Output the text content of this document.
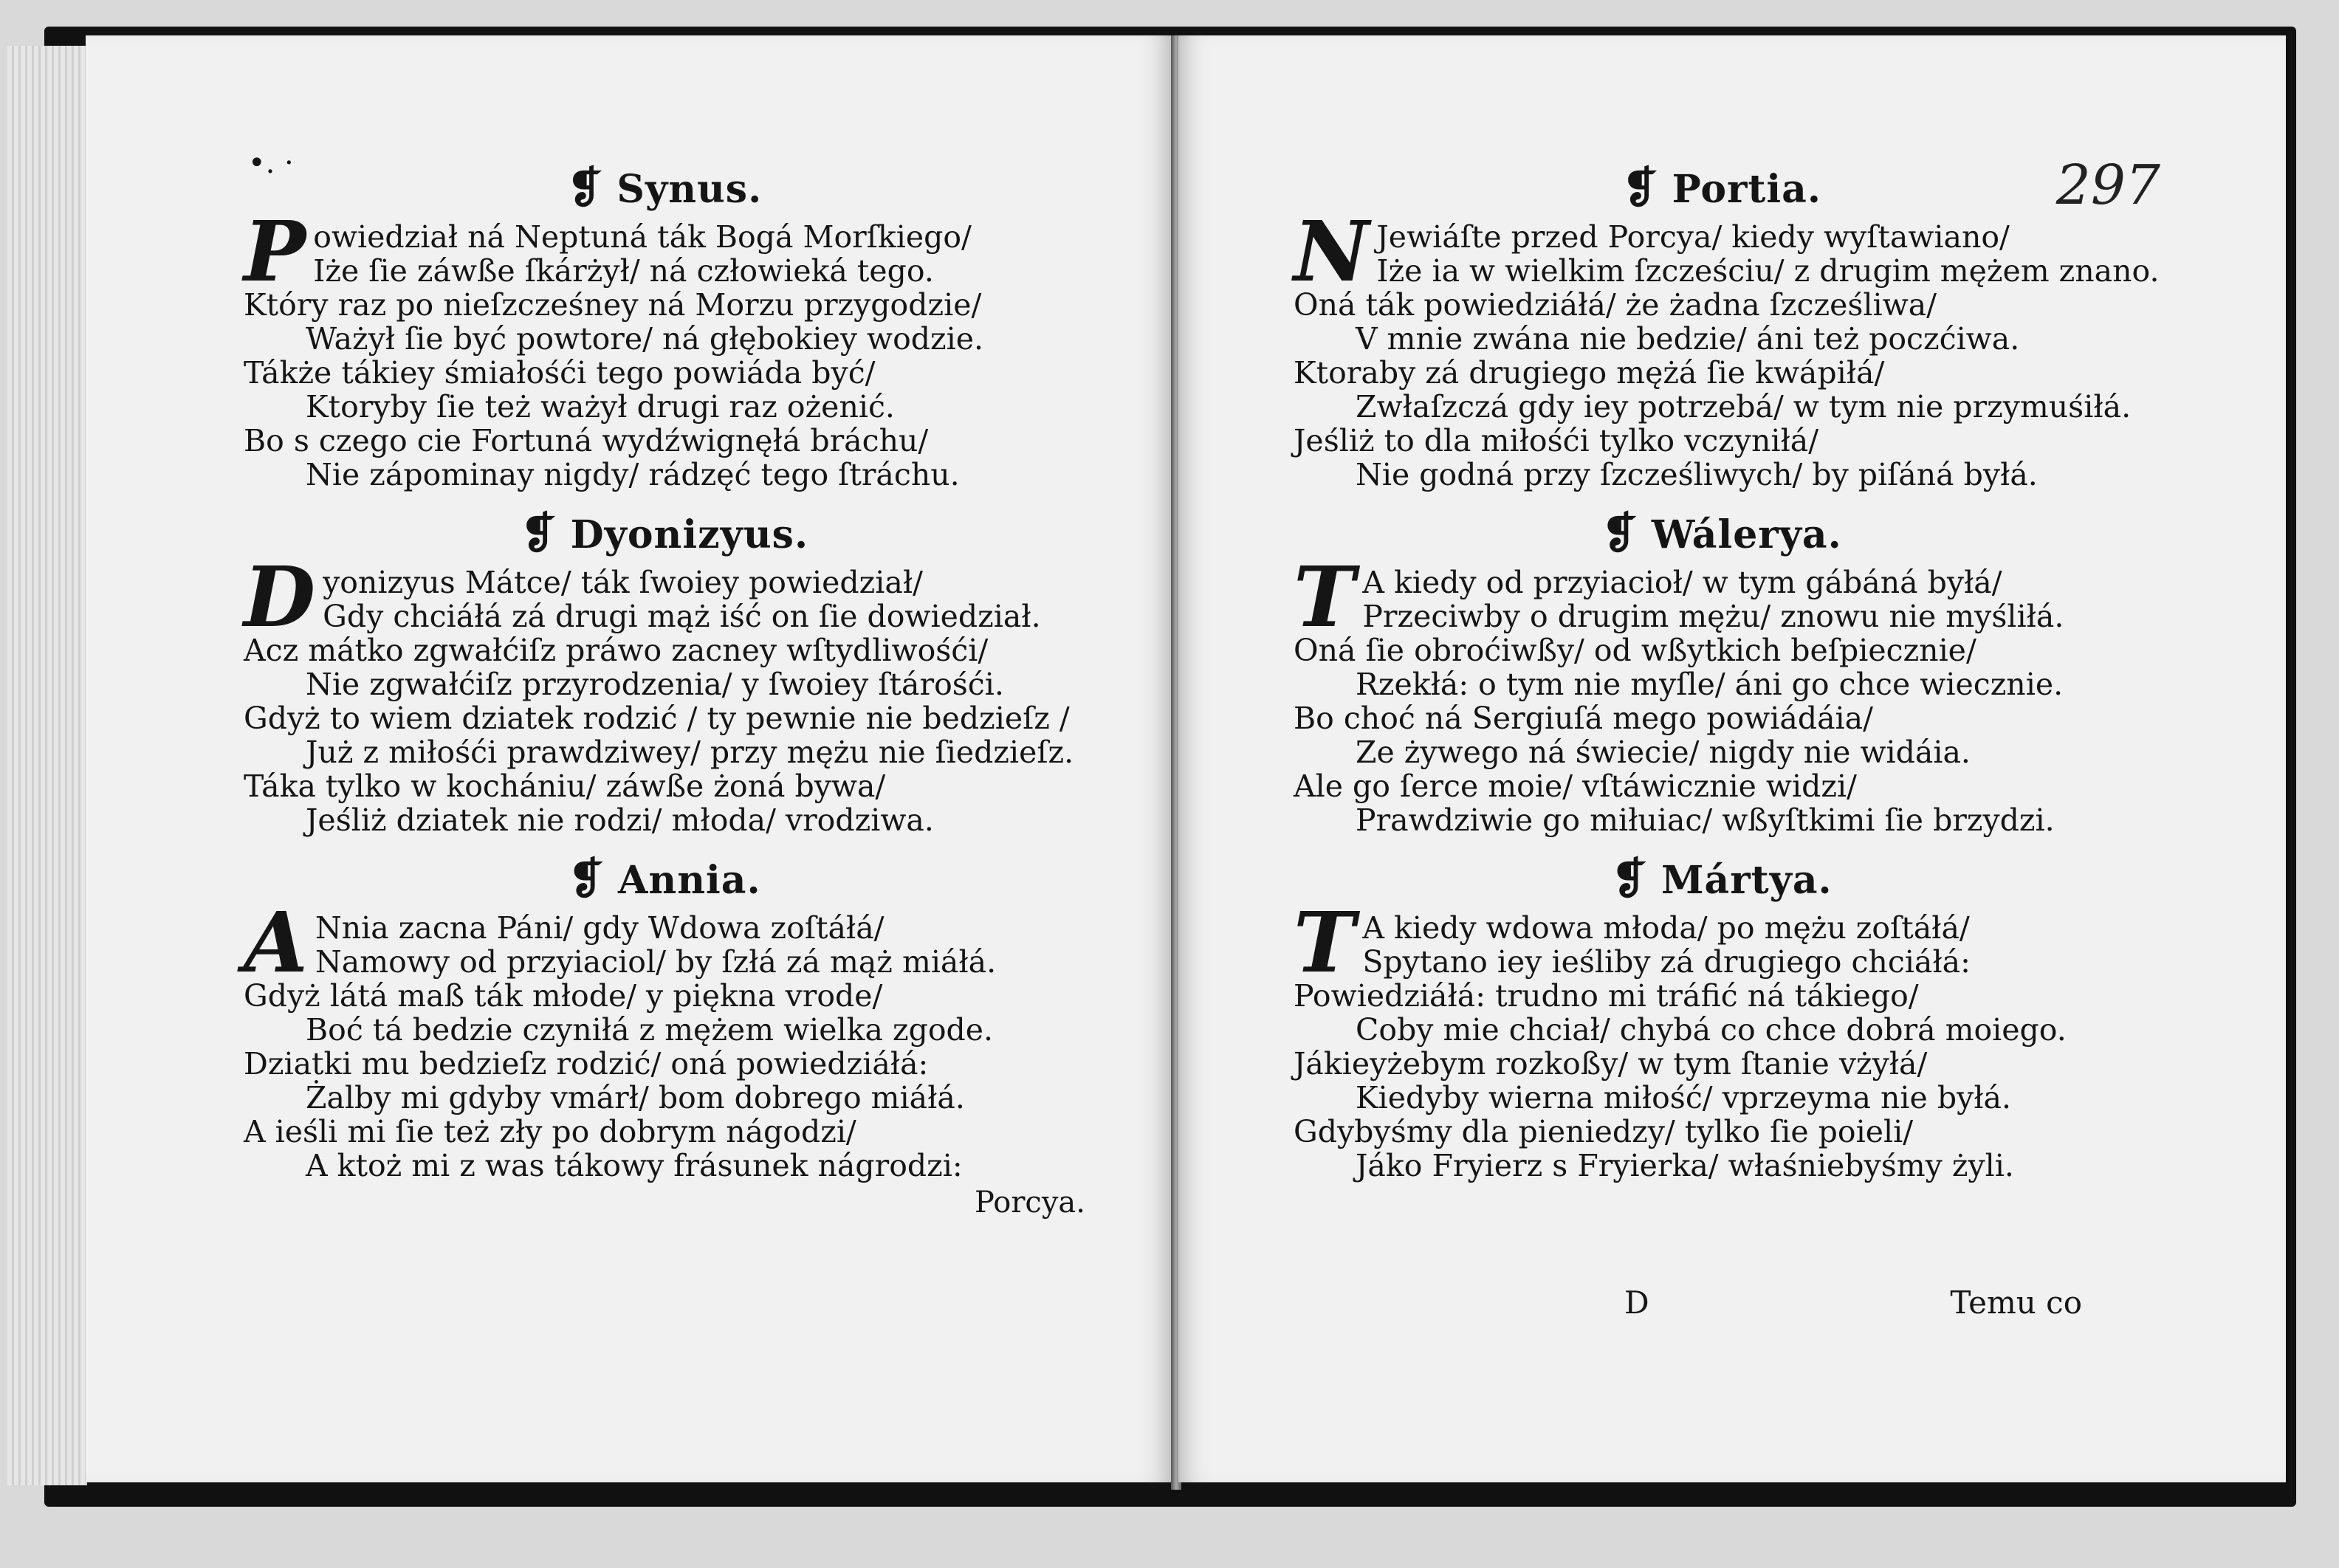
•. ·	297
❡ Synus.
Powiedział ná Neptuná ták Bogá Morſkiego/
Iże ſie záwße ſkárżył/ ná człowieká tego.
Który raz po nieſzcześney ná Morzu przygodzie/
Ważył ſie być powtore/ ná głębokiey wodzie.
Tákże tákiey śmiałośći tego powiáda być/
Ktoryby ſie też ważył drugi raz ożenić.
Bo s czego cie Fortuná wydźwignęłá bráchu/
Nie zápominay nigdy/ rádzęć tego ſtráchu.
❡ Dyonizyus.
Dyonizyus Mátce/ ták ſwoiey powiedział/
Gdy chciáłá zá drugi mąż iść on ſie dowiedział.
Acz mátko zgwałćiſz práwo zacney wſtydliwośći/
Nie zgwałćiſz przyrodzenia/ y ſwoiey ſtárośći.
Gdyż to wiem dziatek rodzić / ty pewnie nie bedzieſz /
Już z miłośći prawdziwey/ przy mężu nie ſiedzieſz.
Táka tylko w kochániu/ záwße żoná bywa/
Jeśliż dziatek nie rodzi/ młoda/ vrodziwa.
❡ Annia.
A Nnia zacna Páni/ gdy Wdowa zoſtáłá/
Namowy od przyiaciol/ by ſzłá zá mąż miáłá.
Gdyż látá maß ták młode/ y piękna vrode/
Boć tá bedzie czyniłá z mężem wielka zgode.
Dziatki mu bedzieſz rodzić/ oná powiedziáłá:
Żalby mi gdyby vmárł/ bom dobrego miáłá.
A ieśli mi ſie też zły po dobrym nágodzi/
A ktoż mi z was tákowy frásunek nágrodzi:
Porcya.
❡ Portia.
N Jewiáſte przed Porcya/ kiedy wyſtawiano/
Iże ia w wielkim ſzcześciu/ z drugim mężem znano.
Oná ták powiedziáłá/ że żadna ſzcześliwa/
V mnie zwána nie bedzie/ áni też poczćiwa.
Ktoraby zá drugiego mężá ſie kwápiłá/
Zwłaſzczá gdy iey potrzebá/ w tym nie przymuśiłá.
Jeśliż to dla miłośći tylko vczyniłá/
Nie godná przy ſzcześliwych/ by piſáná byłá.
❡ Wálerya.
T A kiedy od przyiacioł/ w tym gábáná byłá/
Przeciwby o drugim mężu/ znowu nie myśliłá.
Oná ſie obroćiwßy/ od wßytkich beſpiecznie/
Rzekłá: o tym nie myſle/ áni go chce wiecznie.
Bo choć ná Sergiuſá mego powiádáia/
Ze żywego ná świecie/ nigdy nie widáia.
Ale go ſerce moie/ vſtáwicznie widzi/
Prawdziwie go miłuiac/ wßyſtkimi ſie brzydzi.
❡ Mártya.
T A kiedy wdowa młoda/ po mężu zoſtáłá/
Spytano iey ieśliby zá drugiego chciáłá:
Powiedziáłá: trudno mi tráfić ná tákiego/
Coby mie chciał/ chybá co chce dobrá moiego.
Jákieyżebym rozkoßy/ w tym ſtanie vżyłá/
Kiedyby wierna miłość/ vprzeyma nie byłá.
Gdybyśmy dla pieniedzy/ tylko ſie poieli/
Jáko Fryierz s Fryierka/ właśniebyśmy żyli.
D	Temu co
